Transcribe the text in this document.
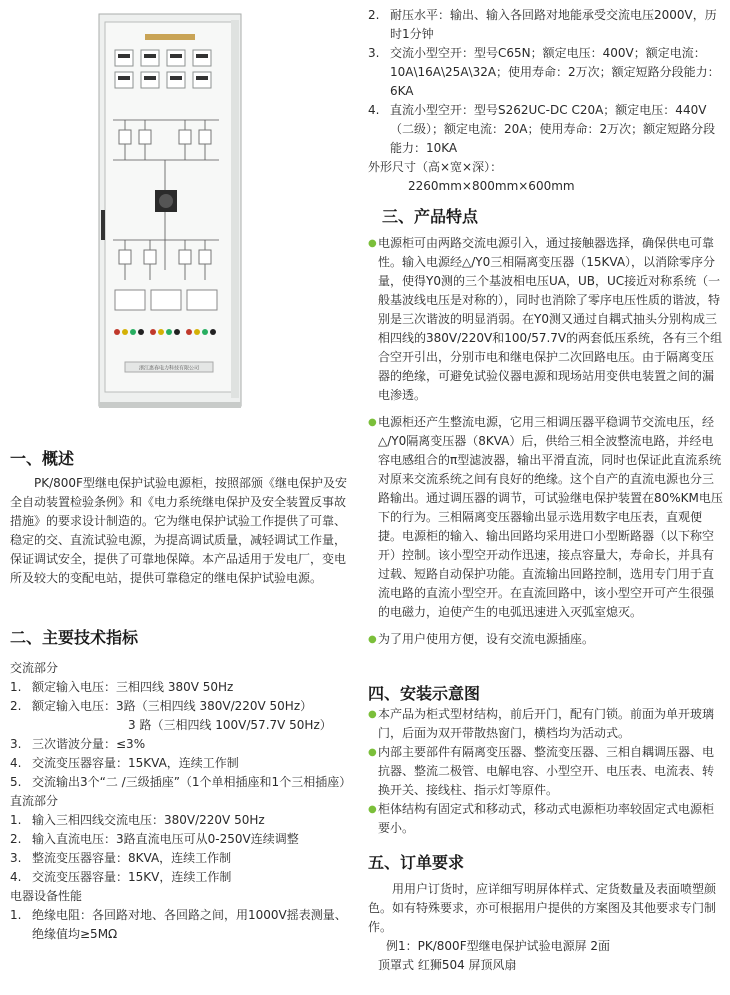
浙江惠春电力科技有限公司
一、概述
PK/800F型继电保护试验电源柜，按照部颁《继电保护及安全自动装置检验条例》和《电力系统继电保护及安全装置反事故措施》的要求设计制造的。它为继电保护试验工作提供了可靠、稳定的交、直流试验电源，为提高调试质量，减轻调试工作量，保证调试安全，提供了可靠地保障。本产品适用于发电厂，变电所及较大的变配电站，提供可靠稳定的继电保护试验电源。
二、主要技术指标
交流部分
1. 额定输入电压：三相四线 380V 50Hz
2. 额定输入电压：3路（三相四线 380V/220V 50Hz）
3 路（三相四线 100V/57.7V 50Hz）
3. 三次谐波分量：≤3%
4. 交流变压器容量：15KVA，连续工作制
5. 交流输出3个“二 /三级插座”（1个单相插座和1个三相插座）
直流部分
1. 输入三相四线交流电压：380V/220V 50Hz
2. 输入直流电压：3路直流电压可从0-250V连续调整
3. 整流变压器容量：8KVA，连续工作制
4. 交流变压器容量：15KV，连续工作制
电器设备性能
1. 绝缘电阻：各回路对地、各回路之间，用1000V摇表测量、绝缘值均≥5MΩ
2. 耐压水平：输出、输入各回路对地能承受交流电压2000V，历时1分钟
3. 交流小型空开：型号C65N；额定电压：400V；额定电流：10A\16A\25A\32A；使用寿命：2万次；额定短路分段能力：6KA
4. 直流小型空开：型号S262UC-DC C20A；额定电压：440V（二级）；额定电流：20A；使用寿命：2万次；额定短路分段能力：10KA
外形尺寸（高×宽×深）：
2260mm×800mm×600mm
三、产品特点
● 电源柜可由两路交流电源引入，通过接触器选择，确保供电可靠性。输入电源经△/Y0三相隔离变压器（15KVA），以消除零序分量，使得Y0测的三个基波相电压UA，UB，UC接近对称系统（一般基波线电压是对称的），同时也消除了零序电压性质的谐波，特别是三次谐波的明显消弱。在Y0测又通过自耦式抽头分别构成三相四线的380V/220V和100/57.7V的两套低压系统，各有三个组合空开引出，分别市电和继电保护二次回路电压。由于隔离变压器的绝缘，可避免试验仪器电源和现场站用变供电装置之间的漏电渗透。
● 电源柜还产生整流电源，它用三相调压器平稳调节交流电压，经△/Y0隔离变压器（8KVA）后，供给三相全波整流电路，并经电容电感组合的π型滤波器，输出平滑直流，同时也保证此直流系统对原来交流系统之间有良好的绝缘。这个自产的直流电源也分三路输出。通过调压器的调节，可试验继电保护装置在80%KM电压下的行为。三相隔离变压器输出显示选用数字电压表，直观便捷。电源柜的输入、输出回路均采用进口小型断路器（以下称空开）控制。该小型空开动作迅速，接点容量大，寿命长，并具有过载、短路自动保护功能。直流输出回路控制，选用专门用于直流电路的直流小型空开。在直流回路中，该小型空开可产生很强的电磁力，迫使产生的电弧迅速进入灭弧室熄灭。
● 为了用户使用方便，设有交流电源插座。
四、安装示意图
● 本产品为柜式型材结构，前后开门，配有门锁。前面为单开玻璃门，后面为双开带散热窗门，横档均为活动式。
● 内部主要部件有隔离变压器、整流变压器、三相自耦调压器、电抗器、整流二极管、电解电容、小型空开、电压表、电流表、转换开关、接线柱、指示灯等原件。
● 柜体结构有固定式和移动式，移动式电源柜功率较固定式电源柜要小。
五、订单要求
用用户订货时，应详细写明屏体样式、定货数量及表面喷塑颜色。如有特殊要求，亦可根据用户提供的方案图及其他要求专门制作。
例1：PK/800F型继电保护试验电源屏 2面
顶罩式 红狮504 屏顶风扇
